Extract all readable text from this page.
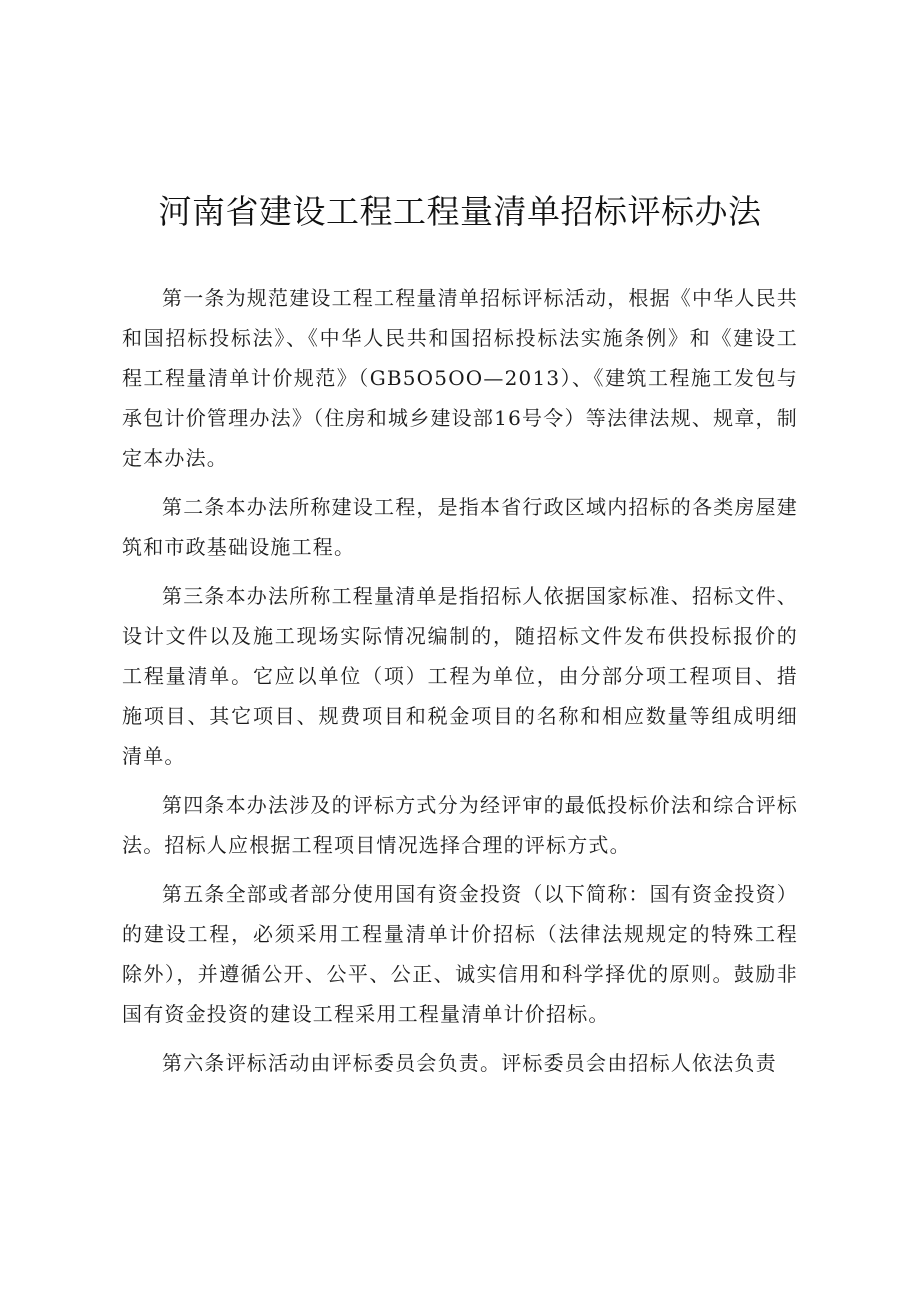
河南省建设工程工程量清单招标评标办法

第一条为规范建设工程工程量清单招标评标活动，根据《中华人民共和国招标投标法》、《中华人民共和国招标投标法实施条例》和《建设工程工程量清单计价规范》（GB5O5OO—2013）、《建筑工程施工发包与承包计价管理办法》（住房和城乡建设部16号令）等法律法规、规章，制定本办法。

第二条本办法所称建设工程，是指本省行政区域内招标的各类房屋建筑和市政基础设施工程。

第三条本办法所称工程量清单是指招标人依据国家标准、招标文件、设计文件以及施工现场实际情况编制的，随招标文件发布供投标报价的工程量清单。它应以单位（项）工程为单位，由分部分项工程项目、措施项目、其它项目、规费项目和税金项目的名称和相应数量等组成明细清单。

第四条本办法涉及的评标方式分为经评审的最低投标价法和综合评标法。招标人应根据工程项目情况选择合理的评标方式。

第五条全部或者部分使用国有资金投资（以下简称：国有资金投资）的建设工程，必须采用工程量清单计价招标（法律法规规定的特殊工程除外），并遵循公开、公平、公正、诚实信用和科学择优的原则。鼓励非国有资金投资的建设工程采用工程量清单计价招标。

第六条评标活动由评标委员会负责。评标委员会由招标人依法负责
